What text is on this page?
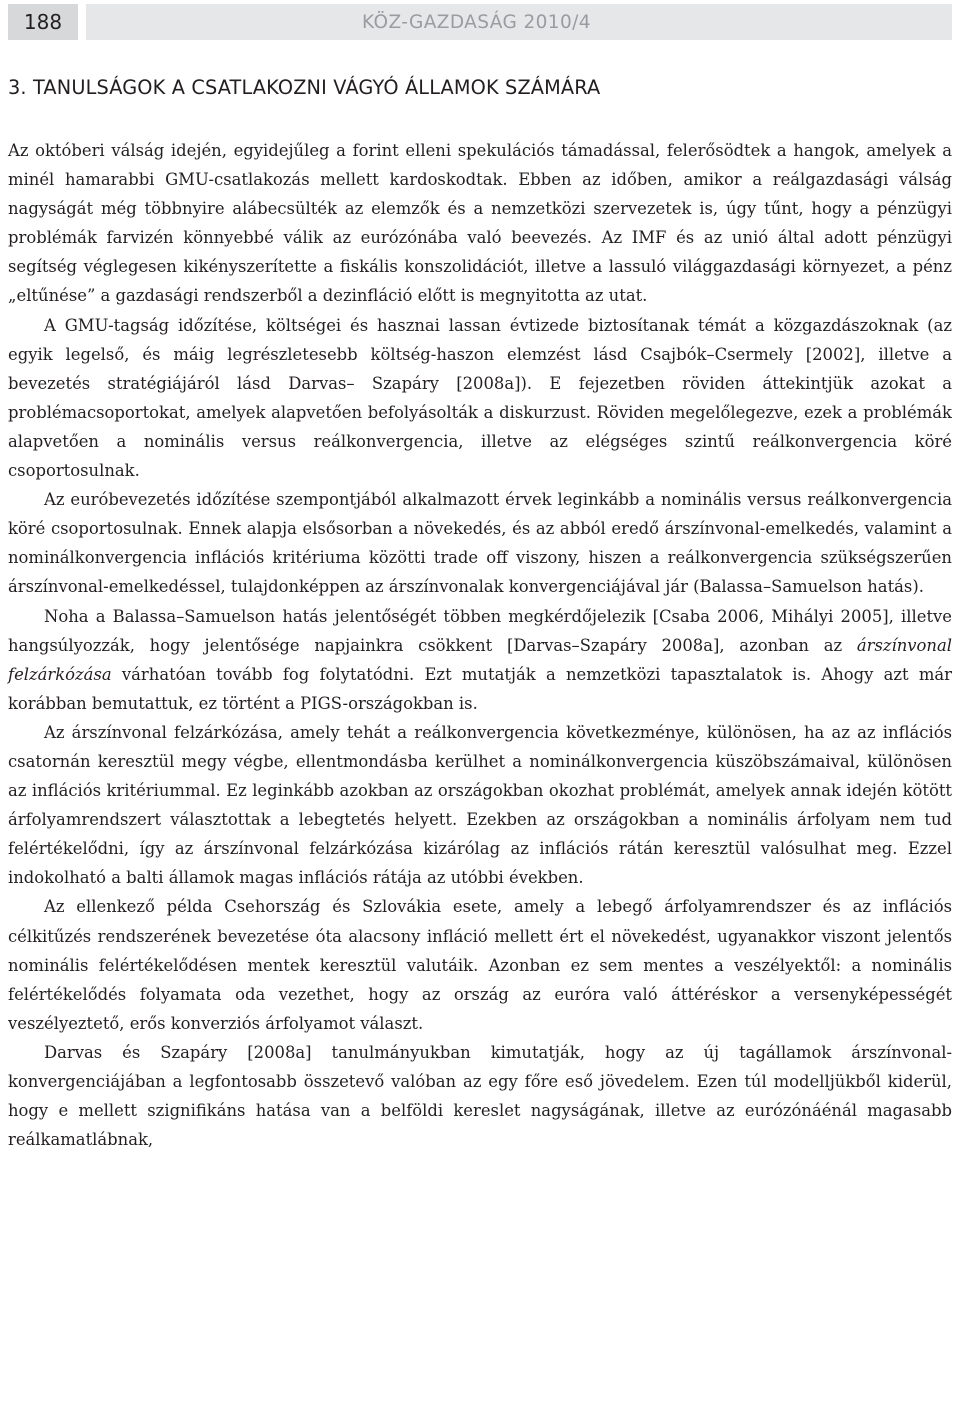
188	KÖZ-GAZDASÁG 2010/4
3. TANULSÁGOK A CSATLAKOZNI VÁGYÓ ÁLLAMOK SZÁMÁRA

Az októberi válság idején, egyidejűleg a forint elleni spekulációs támadással, felerősödtek a hangok, amelyek a minél hamarabbi GMU-csatlakozás mellett kardoskodtak. Ebben az időben, amikor a reálgazdasági válság nagyságát még többnyire alábecsülték az elemzők és a nemzetközi szervezetek is, úgy tűnt, hogy a pénzügyi problémák farvizén könnyebbé válik az eurózónába való beevezés. Az IMF és az unió által adott pénzügyi segítség véglegesen kikényszerítette a fiskális konszolidációt, illetve a lassuló világgazdasági környezet, a pénz „eltűnése” a gazdasági rendszerből a dezinfláció előtt is megnyitotta az utat.

A GMU-tagság időzítése, költségei és hasznai lassan évtizede biztosítanak témát a közgazdászoknak (az egyik legelső, és máig legrészletesebb költség-haszon elemzést lásd Csajbók–Csermely [2002], illetve a bevezetés stratégiájáról lásd Darvas– Szapáry [2008a]). E fejezetben röviden áttekintjük azokat a problémacsoportokat, amelyek alapvetően befolyásolták a diskurzust. Röviden megelőlegezve, ezek a problémák alapvetően a nominális versus reálkonvergencia, illetve az elégséges szintű reálkonvergencia köré csoportosulnak.

Az euróbevezetés időzítése szempontjából alkalmazott érvek leginkább a nominális versus reálkonvergencia köré csoportosulnak. Ennek alapja elsősorban a növekedés, és az abból eredő árszínvonal-emelkedés, valamint a nominálkonvergencia inflációs kritériuma közötti trade off viszony, hiszen a reálkonvergencia szükségszerűen árszínvonal-emelkedéssel, tulajdonképpen az árszínvonalak konvergenciájával jár (Balassa–Samuelson hatás).

Noha a Balassa–Samuelson hatás jelentőségét többen megkérdőjelezik [Csaba 2006, Mihályi 2005], illetve hangsúlyozzák, hogy jelentősége napjainkra csökkent [Darvas–Szapáry 2008a], azonban az árszínvonal felzárkózása várhatóan tovább fog folytatódni. Ezt mutatják a nemzetközi tapasztalatok is. Ahogy azt már korábban bemutattuk, ez történt a PIGS-országokban is.

Az árszínvonal felzárkózása, amely tehát a reálkonvergencia következménye, különösen, ha az az inflációs csatornán keresztül megy végbe, ellentmondásba kerülhet a nominálkonvergencia küszöbszámaival, különösen az inflációs kritériummal. Ez leginkább azokban az országokban okozhat problémát, amelyek annak idején kötött árfolyamrendszert választottak a lebegtetés helyett. Ezekben az országokban a nominális árfolyam nem tud felértékelődni, így az árszínvonal felzárkózása kizárólag az inflációs rátán keresztül valósulhat meg. Ezzel indokolható a balti államok magas inflációs rátája az utóbbi években.

Az ellenkező példa Csehország és Szlovákia esete, amely a lebegő árfolyamrendszer és az inflációs célkitűzés rendszerének bevezetése óta alacsony infláció mellett ért el növekedést, ugyanakkor viszont jelentős nominális felértékelődésen mentek keresztül valutáik. Azonban ez sem mentes a veszélyektől: a nominális felértékelődés folyamata oda vezethet, hogy az ország az euróra való áttéréskor a versenyképességét veszélyeztető, erős konverziós árfolyamot választ.

Darvas és Szapáry [2008a] tanulmányukban kimutatják, hogy az új tagállamok árszínvonal-konvergenciájában a legfontosabb összetevő valóban az egy főre eső jövedelem. Ezen túl modelljükből kiderül, hogy e mellett szignifikáns hatása van a belföldi kereslet nagyságának, illetve az eurózónáénál magasabb reálkamatlábnak,
